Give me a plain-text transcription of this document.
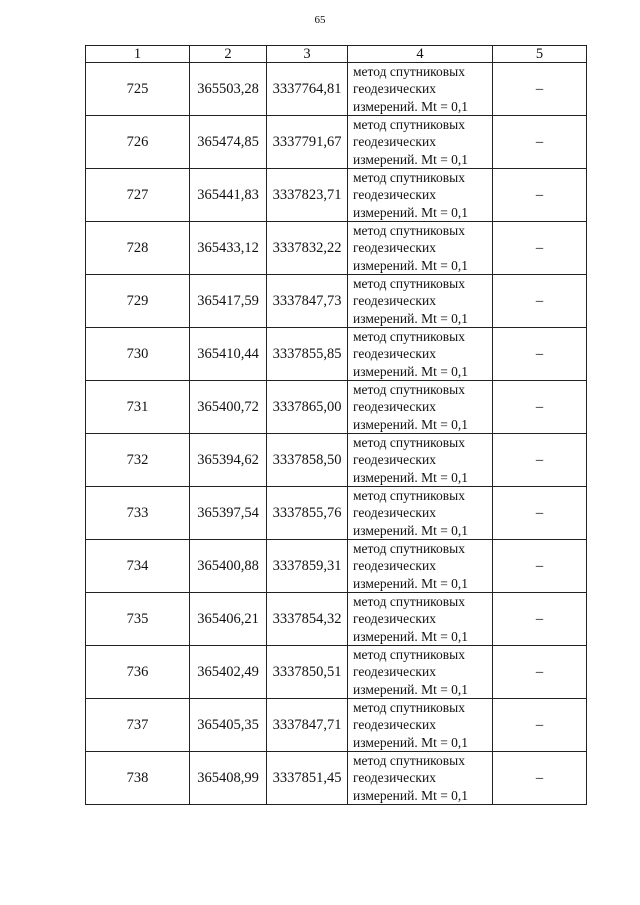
65
1	2	3	4	5
725	365503,28	3337764,81	метод спутниковых
геодезических
измерений. Mt = 0,1	–
726	365474,85	3337791,67	метод спутниковых
геодезических
измерений. Mt = 0,1	–
727	365441,83	3337823,71	метод спутниковых
геодезических
измерений. Mt = 0,1	–
728	365433,12	3337832,22	метод спутниковых
геодезических
измерений. Mt = 0,1	–
729	365417,59	3337847,73	метод спутниковых
геодезических
измерений. Mt = 0,1	–
730	365410,44	3337855,85	метод спутниковых
геодезических
измерений. Mt = 0,1	–
731	365400,72	3337865,00	метод спутниковых
геодезических
измерений. Mt = 0,1	–
732	365394,62	3337858,50	метод спутниковых
геодезических
измерений. Mt = 0,1	–
733	365397,54	3337855,76	метод спутниковых
геодезических
измерений. Mt = 0,1	–
734	365400,88	3337859,31	метод спутниковых
геодезических
измерений. Mt = 0,1	–
735	365406,21	3337854,32	метод спутниковых
геодезических
измерений. Mt = 0,1	–
736	365402,49	3337850,51	метод спутниковых
геодезических
измерений. Mt = 0,1	–
737	365405,35	3337847,71	метод спутниковых
геодезических
измерений. Mt = 0,1	–
738	365408,99	3337851,45	метод спутниковых
геодезических
измерений. Mt = 0,1	–
